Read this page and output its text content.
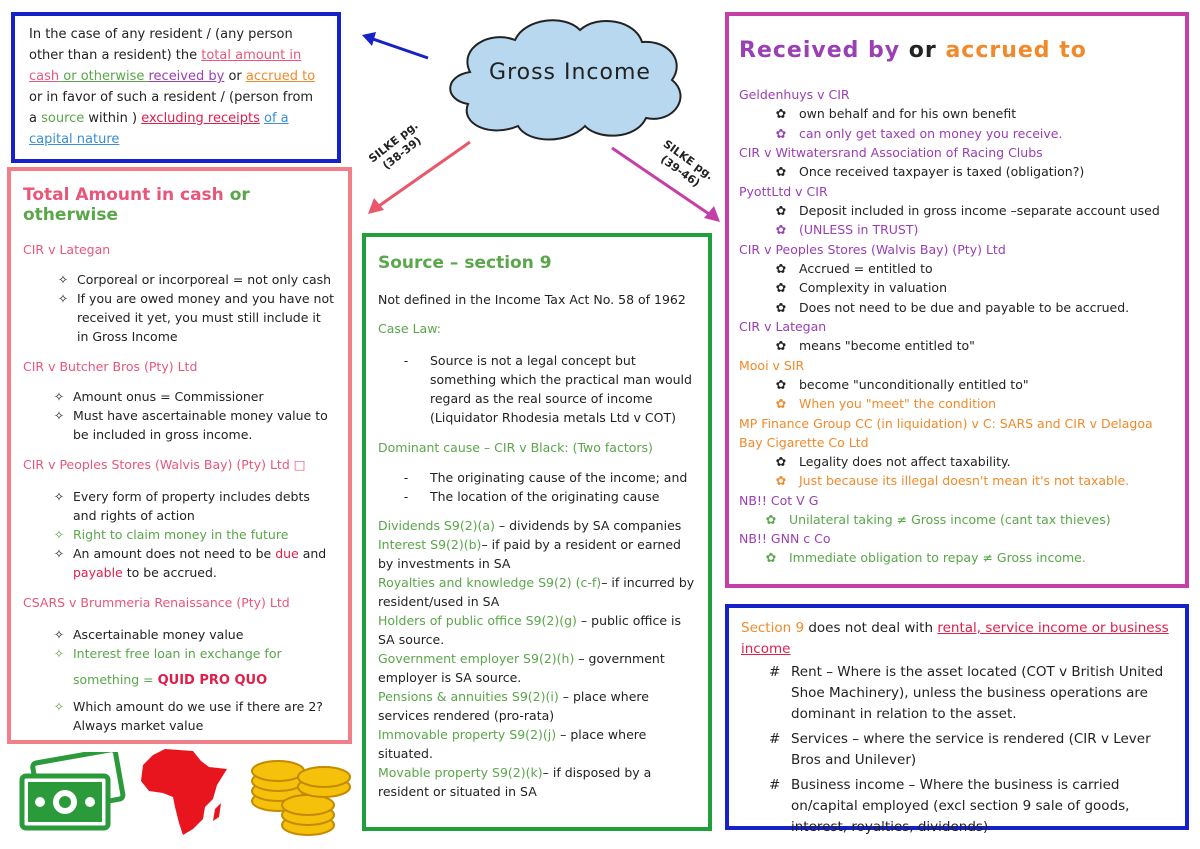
In the case of any resident / (any person other than a resident) the total amount in cash or otherwise received by or accrued to or in favor of such a resident / (person from a source within ) excluding receipts of a capital nature
Gross Income
SILKE pg. (38-39)	SILKE pg. (39-46)
Total Amount in cash or otherwise
CIR v Lategan
✧ Corporeal or incorporeal = not only cash
✧ If you are owed money and you have not received it yet, you must still include it in Gross Income
CIR v Butcher Bros (Pty) Ltd
✧ Amount onus = Commissioner
✧ Must have ascertainable money value to be included in gross income.
CIR v Peoples Stores (Walvis Bay) (Pty) Ltd □
✧ Every form of property includes debts and rights of action
✧ Right to claim money in the future
✧ An amount does not need to be due and payable to be accrued.
CSARS v Brummeria Renaissance (Pty) Ltd
✧ Ascertainable money value
✧ Interest free loan in exchange for
something = QUID PRO QUO
✧ Which amount do we use if there are 2? Always market value
Source – section 9
Not defined in the Income Tax Act No. 58 of 1962
Case Law:
-	Source is not a legal concept but something which the practical man would regard as the real source of income (Liquidator Rhodesia metals Ltd v COT)
Dominant cause – CIR v Black: (Two factors)
-	The originating cause of the income; and
-	The location of the originating cause
Dividends S9(2)(a) – dividends by SA companies
Interest S9(2)(b)– if paid by a resident or earned by investments in SA
Royalties and knowledge S9(2) (c-f)– if incurred by resident/used in SA
Holders of public office S9(2)(g) – public office is SA source.
Government employer S9(2)(h) – government employer is SA source.
Pensions & annuities S9(2)(i) – place where services rendered (pro-rata)
Immovable property S9(2)(j) – place where situated.
Movable property S9(2)(k)– if disposed by a resident or situated in SA
Received by or accrued to
Geldenhuys v CIR
✿ own behalf and for his own benefit
✿ can only get taxed on money you receive.
CIR v Witwatersrand Association of Racing Clubs
✿ Once received taxpayer is taxed (obligation?)
PyottLtd v CIR
✿ Deposit included in gross income –separate account used
✿ (UNLESS in TRUST)
CIR v Peoples Stores (Walvis Bay) (Pty) Ltd
✿ Accrued = entitled to
✿ Complexity in valuation
✿ Does not need to be due and payable to be accrued.
CIR v Lategan
✿ means "become entitled to"
Mooi v SIR
✿ become "unconditionally entitled to"
✿ When you "meet" the condition
MP Finance Group CC (in liquidation) v C: SARS and CIR v Delagoa Bay Cigarette Co Ltd
✿ Legality does not affect taxability.
✿ Just because its illegal doesn't mean it's not taxable.
NB!! Cot V G
✿ Unilateral taking ≠ Gross income (cant tax thieves)
NB!! GNN c Co
✿ Immediate obligation to repay ≠ Gross income.
Section 9 does not deal with rental, service income or business income
# Rent – Where is the asset located (COT v British United Shoe Machinery), unless the business operations are dominant in relation to the asset.
# Services – where the service is rendered (CIR v Lever Bros and Unilever)
# Business income – Where the business is carried on/capital employed (excl section 9 sale of goods, interest, royalties, dividends)
